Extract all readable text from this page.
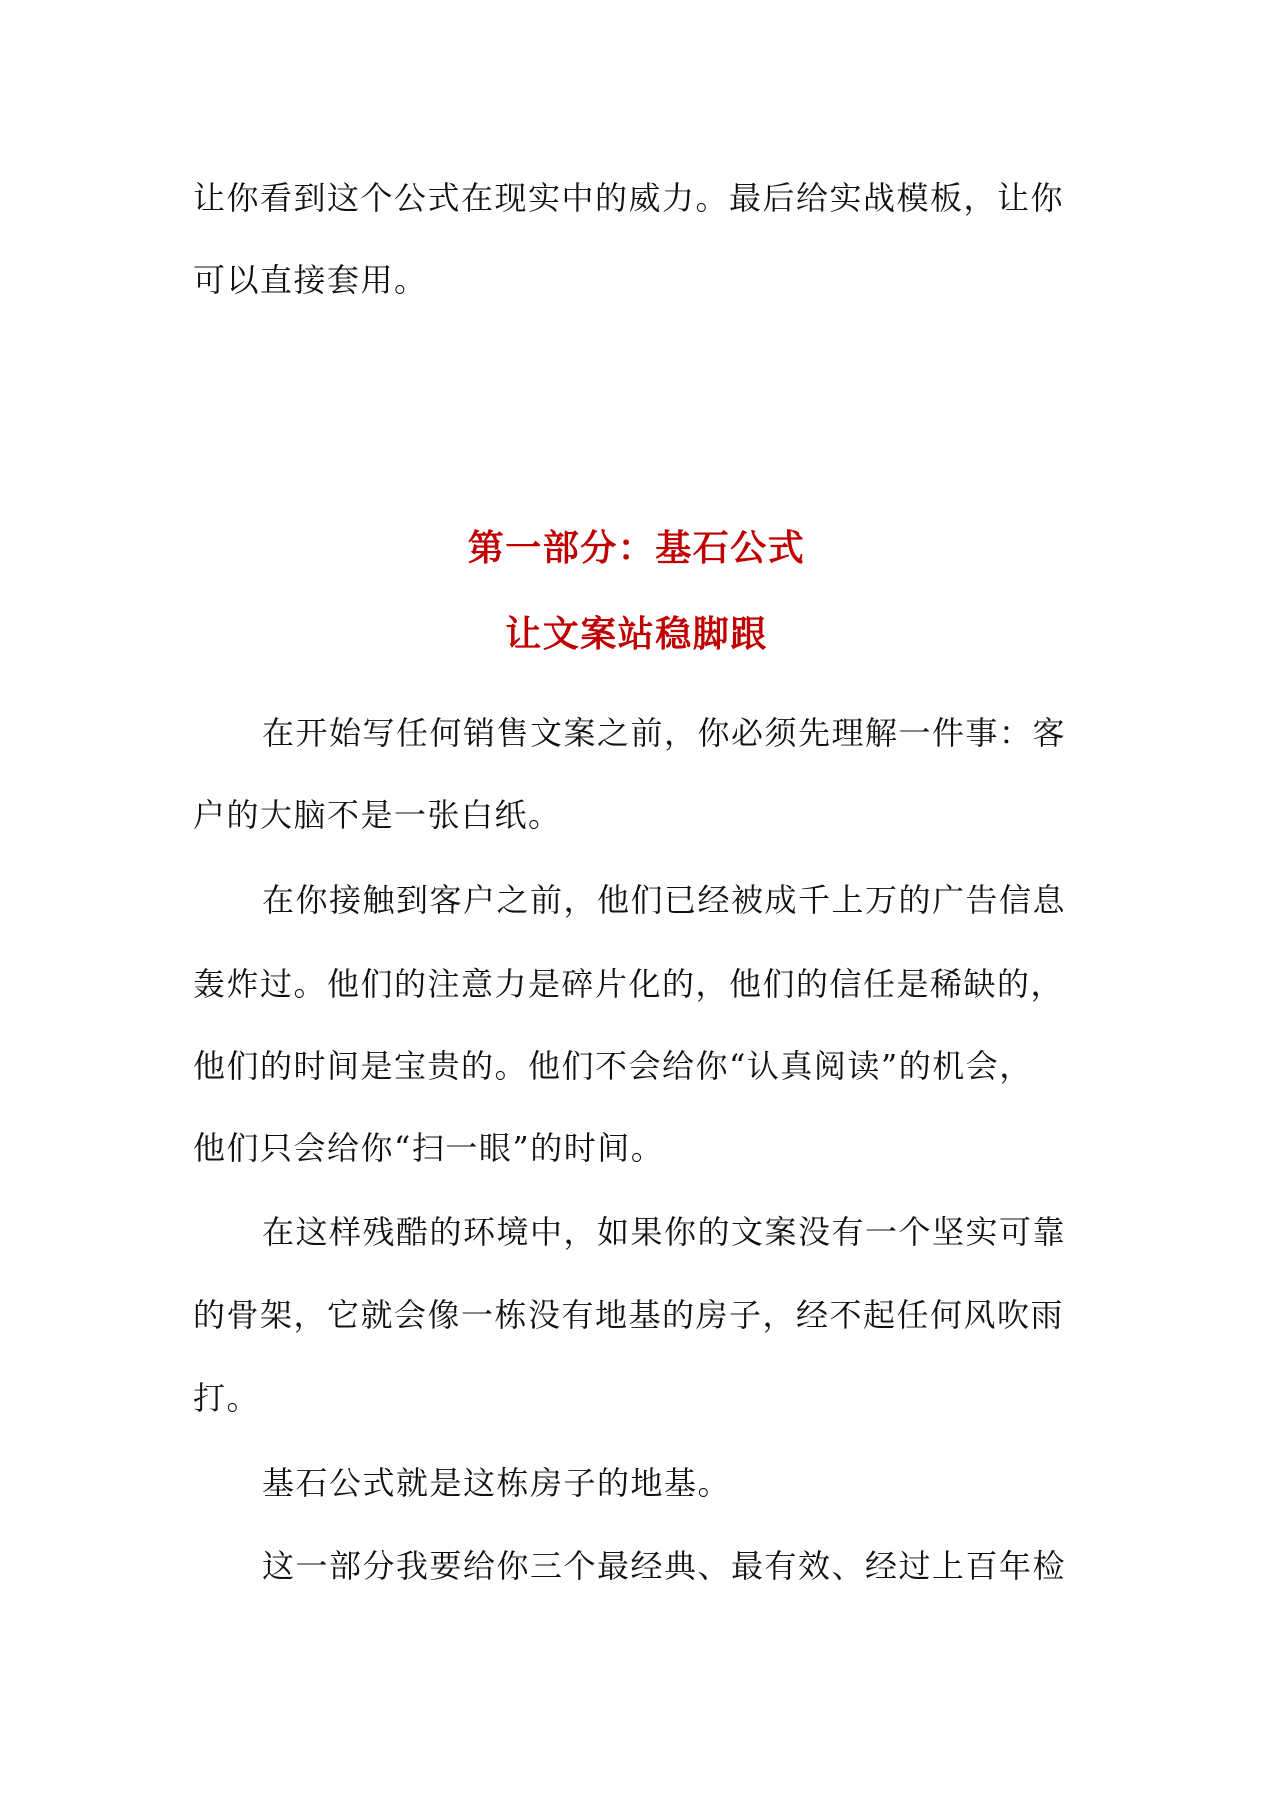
让你看到这个公式在现实中的威力。最后给实战模板，让你
可以直接套用。
第一部分：基石公式
让文案站稳脚跟
在开始写任何销售文案之前，你必须先理解一件事：客
户的大脑不是一张白纸。
在你接触到客户之前，他们已经被成千上万的广告信息
轰炸过。他们的注意力是碎片化的，他们的信任是稀缺的，
他们的时间是宝贵的。他们不会给你“认真阅读”的机会，
他们只会给你“扫一眼”的时间。
在这样残酷的环境中，如果你的文案没有一个坚实可靠
的骨架，它就会像一栋没有地基的房子，经不起任何风吹雨
打。
基石公式就是这栋房子的地基。
这一部分我要给你三个最经典、最有效、经过上百年检
